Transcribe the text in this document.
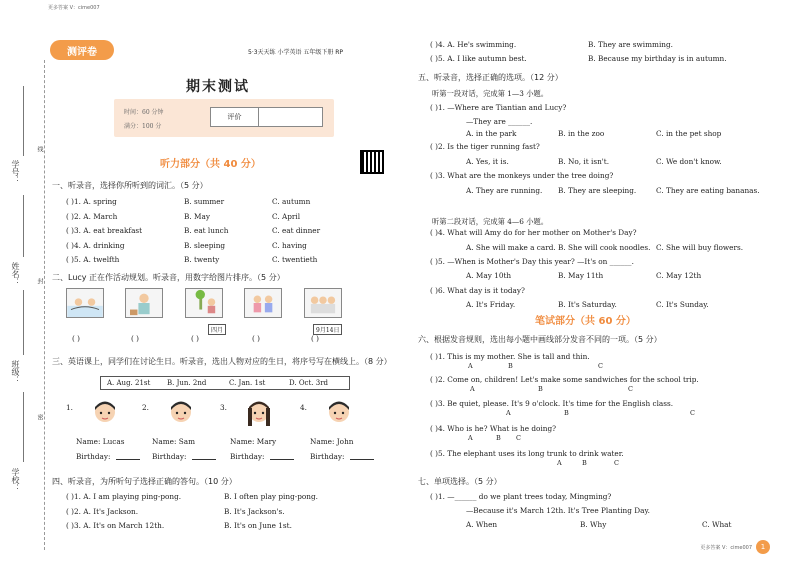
更多答案 V：cime007
学号：
姓名：
班级：
学校：
线
封
密
测评卷	5·3天天练 小学英语 五年级下册 RP
期末测试
时间：60 分钟
满分：100 分
评价
听力部分（共 40 分）
一、听录音，选择你所听到的词汇。（5 分）
二、Lucy 正在作活动规划。听录音，用数字给图片排序。（5 分）
四月	9月14日
三、英语课上，同学们在讨论生日。听录音，选出人物对应的生日，将序号写在横线上。（8 分）
A. Aug. 21st	B. Jun. 2nd	C. Jan. 1st	D. Oct. 3rd
四、听录音，为所听句子选择正确的答句。（10 分）
五、听录音，选择正确的选项。（12 分）
听第一段对话，完成第 1—3 小题。
( )1. —Where are Tiantian and Lucy?
—They are ______.
听第二段对话，完成第 4—6 小题。
笔试部分（共 60 分）
六、根据发音规则，选出每小题中画线部分发音不同的一项。（5 分）
七、单项选择。（5 分）
( )1. —______ do we plant trees today, Mingming?
—Because it's March 12th. It's Tree Planting Day.
A. When	B. Why	C. What
更多答案 V：cime007	1
( )1. A. spring	B. summer	C. autumn
( )2. A. March	B. May	C. April
( )3. A. eat breakfast	B. eat lunch	C. eat dinner
( )4. A. drinking	B. sleeping	C. having
( )5. A. twelfth	B. twenty	C. twentieth
( )	( )	( )	( )	( )
1.
Name: Lucas
Birthday:
2.
Name: Sam
Birthday:
3.
Name: Mary
Birthday:
4.
Name: John
Birthday:
( )1. A. I am playing ping-pong.	B. I often play ping-pong.
( )2. A. It's Jackson.	B. It's Jackson's.
( )3. A. It's on March 12th.	B. It's on June 1st.
( )4. A. He's swimming.	B. They are swimming.
( )5. A. I like autumn best.	B. Because my birthday is in autumn.
A. in the park	B. in the zoo	C. in the pet shop
( )2. Is the tiger running fast?
A. Yes, it is.	B. No, it isn't.	C. We don't know.
( )3. What are the monkeys under the tree doing?
A. They are running. B. They are sleeping.	C. They are eating bananas.
( )4. What will Amy do for her mother on Mother's Day?
A. She will make a card. B. She will cook noodles. C. She will buy flowers.
( )5. —When is Mother's Day this year? —It's on ______.
A. May 10th	B. May 11th	C. May 12th
( )6. What day is it today?
A. It's Friday.	B. It's Saturday.	C. It's Sunday.
( )1. This is my mother. She is tall and thin.
A	B	C
( )2. Come on, children! Let's make some sandwiches for the school trip.
A	B	C
( )3. Be quiet, please. It's 9 o'clock. It's time for the English class.
A	B	C
( )4. Who is he? What is he doing?
A	B C
( )5. The elephant uses its long trunk to drink water.
A	B	C
